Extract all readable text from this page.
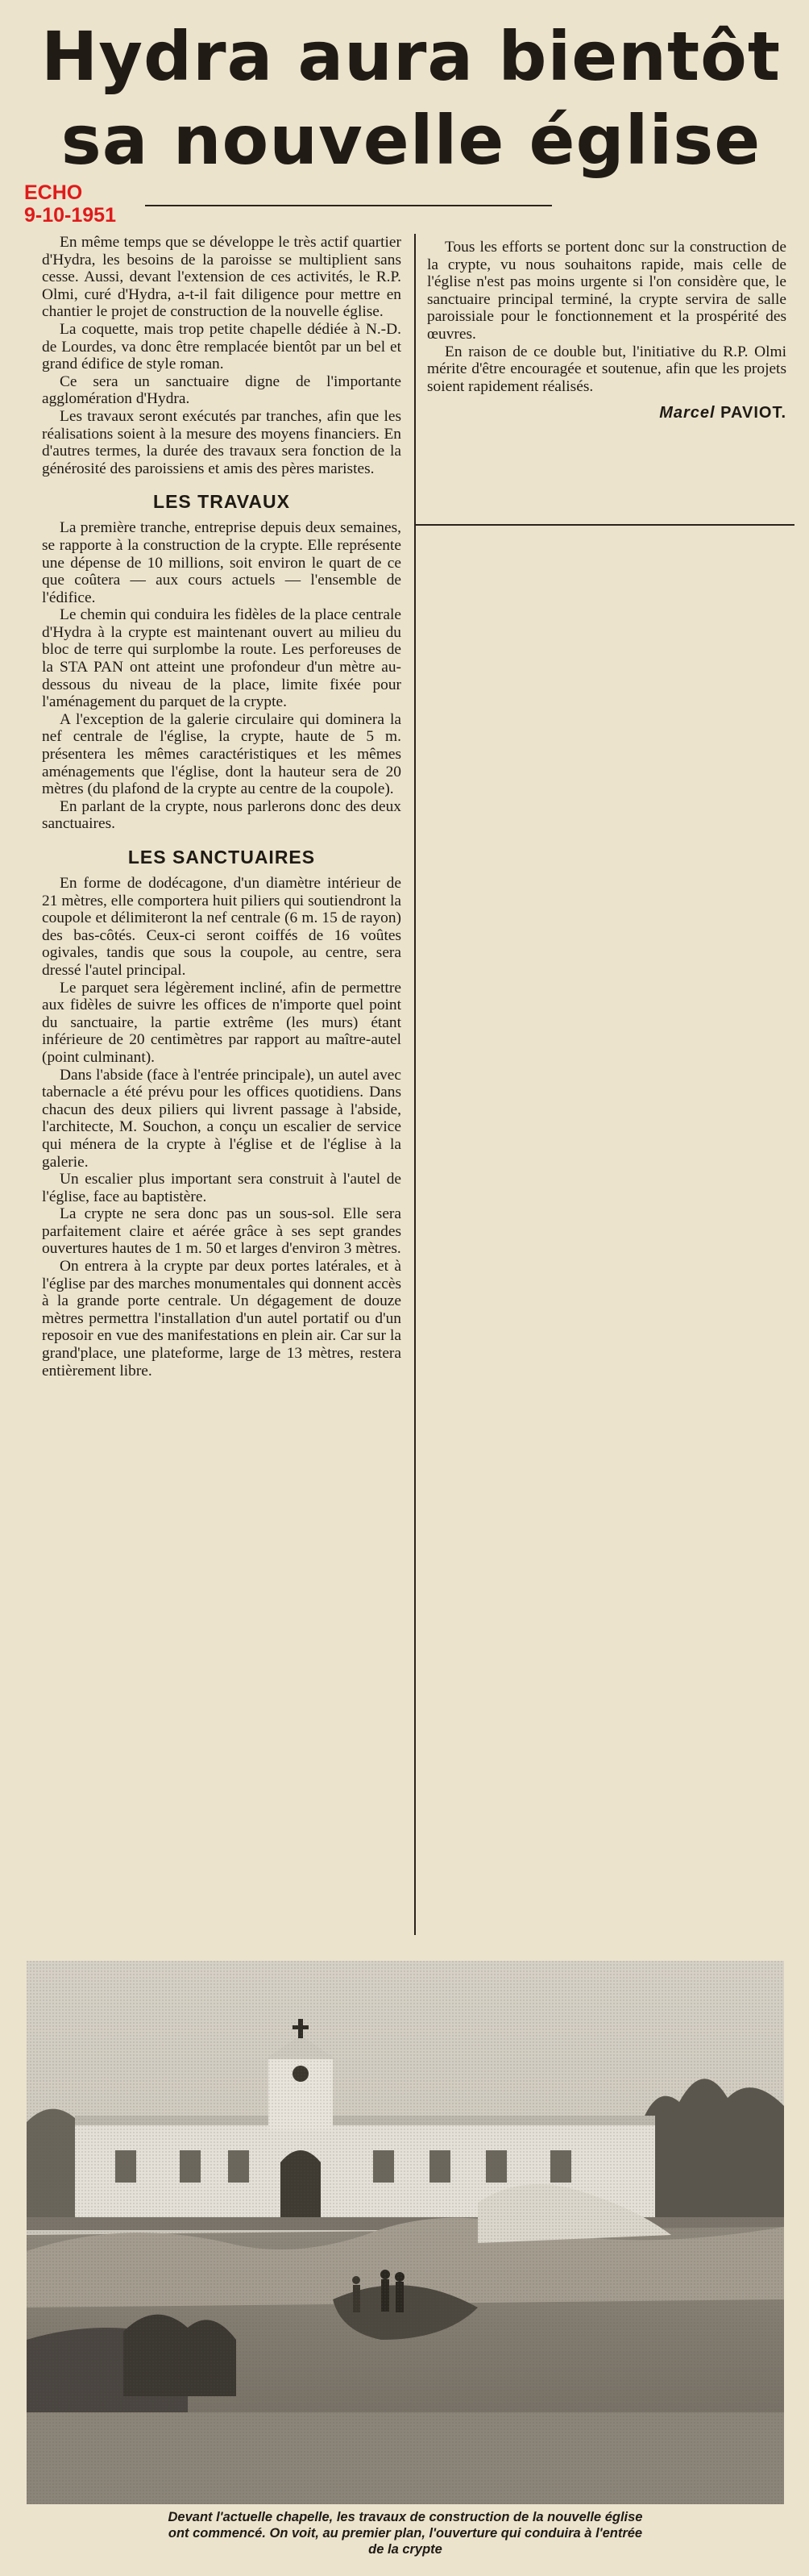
Hydra aura bientôt
sa nouvelle église
ECHO
9-10-1951

En même temps que se développe le très actif quartier d'Hydra, les besoins de la paroisse se multiplient sans cesse. Aussi, devant l'extension de ces activités, le R.P. Olmi, curé d'Hydra, a-t-il fait diligence pour mettre en chantier le projet de construction de la nouvelle église.

La coquette, mais trop petite chapelle dédiée à N.-D. de Lourdes, va donc être remplacée bientôt par un bel et grand édifice de style roman.

Ce sera un sanctuaire digne de l'importante agglomération d'Hydra.

Les travaux seront exécutés par tranches, afin que les réalisations soient à la mesure des moyens financiers. En d'autres termes, la durée des travaux sera fonction de la générosité des paroissiens et amis des pères maristes.

LES TRAVAUX

La première tranche, entreprise depuis deux semaines, se rapporte à la construction de la crypte. Elle représente une dépense de 10 millions, soit environ le quart de ce que coûtera — aux cours actuels — l'ensemble de l'édifice.

Le chemin qui conduira les fidèles de la place centrale d'Hydra à la crypte est maintenant ouvert au milieu du bloc de terre qui surplombe la route. Les perforeuses de la STA PAN ont atteint une profondeur d'un mètre au-dessous du niveau de la place, limite fixée pour l'aménagement du parquet de la crypte.

A l'exception de la galerie circulaire qui dominera la nef centrale de l'église, la crypte, haute de 5 m. présentera les mêmes caractéristiques et les mêmes aménagements que l'église, dont la hauteur sera de 20 mètres (du plafond de la crypte au centre de la coupole).

En parlant de la crypte, nous parlerons donc des deux sanctuaires.

LES SANCTUAIRES

En forme de dodécagone, d'un diamètre intérieur de 21 mètres, elle comportera huit piliers qui soutiendront la coupole et délimiteront la nef centrale (6 m. 15 de rayon) des bas-côtés. Ceux-ci seront coiffés de 16 voûtes ogivales, tandis que sous la coupole, au centre, sera dressé l'autel principal.

Le parquet sera légèrement incliné, afin de permettre aux fidèles de suivre les offices de n'importe quel point du sanctuaire, la partie extrême (les murs) étant inférieure de 20 centimètres par rapport au maître-autel (point culminant).

Dans l'abside (face à l'entrée principale), un autel avec tabernacle a été prévu pour les offices quotidiens. Dans chacun des deux piliers qui livrent passage à l'abside, l'architecte, M. Souchon, a conçu un escalier de service qui ménera de la crypte à l'église et de l'église à la galerie.

Un escalier plus important sera construit à l'autel de l'église, face au baptistère.

La crypte ne sera donc pas un sous-sol. Elle sera parfaitement claire et aérée grâce à ses sept grandes ouvertures hautes de 1 m. 50 et larges d'environ 3 mètres.

On entrera à la crypte par deux portes latérales, et à l'église par des marches monumentales qui donnent accès à la grande porte centrale. Un dégagement de douze mètres permettra l'installation d'un autel portatif ou d'un reposoir en vue des manifestations en plein air. Car sur la grand'place, une plateforme, large de 13 mètres, restera entièrement libre.

Tous les efforts se portent donc sur la construction de la crypte, vu nous souhaitons rapide, mais celle de l'église n'est pas moins urgente si l'on considère que, le sanctuaire principal terminé, la crypte servira de salle paroissiale pour le fonctionnement et la prospérité des œuvres.

En raison de ce double but, l'initiative du R.P. Olmi mérite d'être encouragée et soutenue, afin que les projets soient rapidement réalisés.

Marcel PAVIOT.
Devant l'actuelle chapelle, les travaux de construction de la nouvelle église
ont commencé. On voit, au premier plan, l'ouverture qui conduira à l'entrée
de la crypte
